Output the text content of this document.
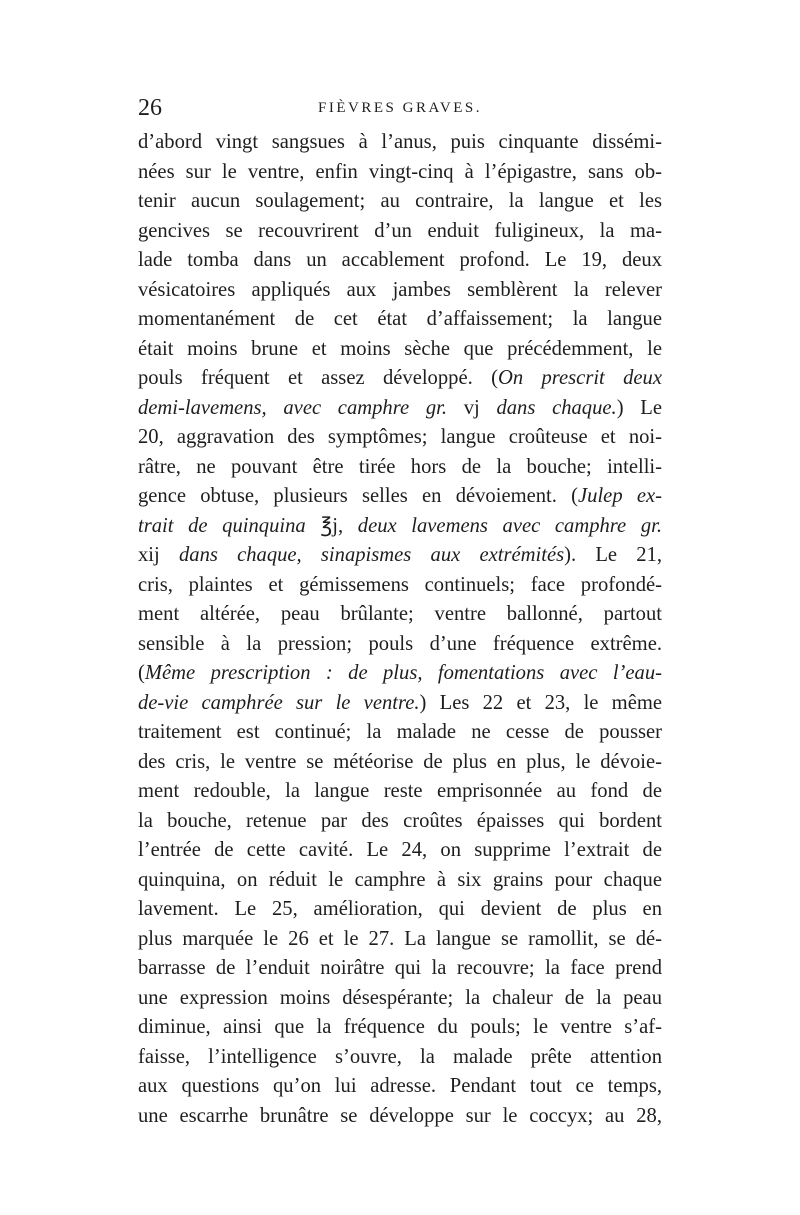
26	FIÈVRES GRAVES.
d’abord vingt sangsues à l’anus, puis cinquante dissémi-
nées sur le ventre, enfin vingt-cinq à l’épigastre, sans ob-
tenir aucun soulagement; au contraire, la langue et les
gencives se recouvrirent d’un enduit fuligineux, la ma-
lade tomba dans un accablement profond. Le 19, deux
vésicatoires appliqués aux jambes semblèrent la relever
momentanément de cet état d’affaissement; la langue
était moins brune et moins sèche que précédemment, le
pouls fréquent et assez développé. (On prescrit deux
demi-lavemens, avec camphre gr. vj dans chaque.) Le
20, aggravation des symptômes; langue croûteuse et noi-
râtre, ne pouvant être tirée hors de la bouche; intelli-
gence obtuse, plusieurs selles en dévoiement. (Julep ex-
trait de quinquina ℥j, deux lavemens avec camphre gr.
xij dans chaque, sinapismes aux extrémités). Le 21,
cris, plaintes et gémissemens continuels; face profondé-
ment altérée, peau brûlante; ventre ballonné, partout
sensible à la pression; pouls d’une fréquence extrême.
(Même prescription : de plus, fomentations avec l’eau-
de-vie camphrée sur le ventre.) Les 22 et 23, le même
traitement est continué; la malade ne cesse de pousser
des cris, le ventre se météorise de plus en plus, le dévoie-
ment redouble, la langue reste emprisonnée au fond de
la bouche, retenue par des croûtes épaisses qui bordent
l’entrée de cette cavité. Le 24, on supprime l’extrait de
quinquina, on réduit le camphre à six grains pour chaque
lavement. Le 25, amélioration, qui devient de plus en
plus marquée le 26 et le 27. La langue se ramollit, se dé-
barrasse de l’enduit noirâtre qui la recouvre; la face prend
une expression moins désespérante; la chaleur de la peau
diminue, ainsi que la fréquence du pouls; le ventre s’af-
faisse, l’intelligence s’ouvre, la malade prête attention
aux questions qu’on lui adresse. Pendant tout ce temps,
une escarrhe brunâtre se développe sur le coccyx; au 28,
